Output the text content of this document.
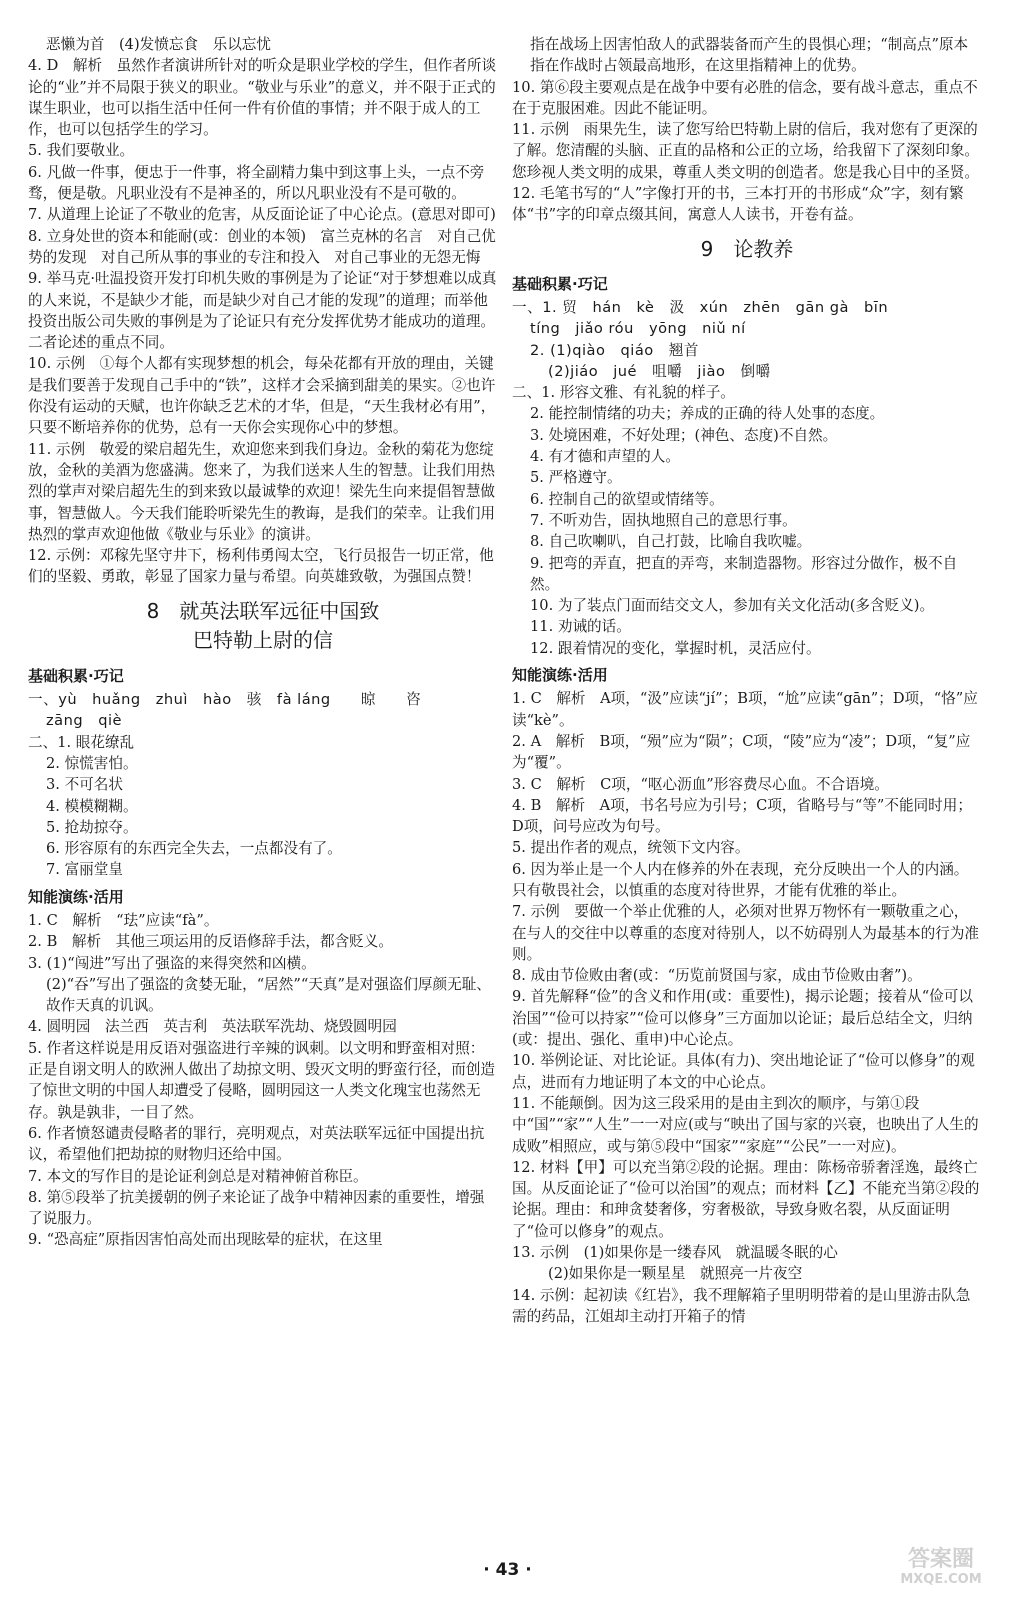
恶懒为首　(4)发愤忘食　乐以忘忧

4. D　解析　虽然作者演讲所针对的听众是职业学校的学生，但作者所谈论的“业”并不局限于狭义的职业。“敬业与乐业”的意义，并不限于正式的谋生职业，也可以指生活中任何一件有价值的事情；并不限于成人的工作，也可以包括学生的学习。

5. 我们要敬业。

6. 凡做一件事，便忠于一件事，将全副精力集中到这事上头，一点不旁骛，便是敬。凡职业没有不是神圣的，所以凡职业没有不是可敬的。

7. 从道理上论证了不敬业的危害，从反面论证了中心论点。(意思对即可)

8. 立身处世的资本和能耐(或：创业的本领)　富兰克林的名言　对自己优势的发现　对自己所从事的事业的专注和投入　对自己事业的无怨无悔

9. 举马克·吐温投资开发打印机失败的事例是为了论证“对于梦想难以成真的人来说，不是缺少才能，而是缺少对自己才能的发现”的道理；而举他投资出版公司失败的事例是为了论证只有充分发挥优势才能成功的道理。二者论述的重点不同。

10. 示例　①每个人都有实现梦想的机会，每朵花都有开放的理由，关键是我们要善于发现自己手中的“铁”，这样才会采摘到甜美的果实。②也许你没有运动的天赋，也许你缺乏艺术的才华，但是，“天生我材必有用”，只要不断培养你的优势，总有一天你会实现你心中的梦想。

11. 示例　敬爱的梁启超先生，欢迎您来到我们身边。金秋的菊花为您绽放，金秋的美酒为您盛满。您来了，为我们送来人生的智慧。让我们用热烈的掌声对梁启超先生的到来致以最诚挚的欢迎！梁先生向来提倡智慧做事，智慧做人。今天我们能聆听梁先生的教诲，是我们的荣幸。让我们用热烈的掌声欢迎他做《敬业与乐业》的演讲。

12. 示例：邓稼先坚守井下，杨利伟勇闯太空，飞行员报告一切正常，他们的坚毅、勇敢，彰显了国家力量与希望。向英雄致敬，为强国点赞！

8　就英法联军远征中国致
巴特勒上尉的信

基础积累·巧记

一、yù　huǎng　zhuì　hào　骇　fà láng　　晾　　咨

zāng　qiè

二、1. 眼花缭乱

2. 惊慌害怕。

3. 不可名状

4. 模模糊糊。

5. 抢劫掠夺。

6. 形容原有的东西完全失去，一点都没有了。

7. 富丽堂皇

知能演练·活用

1. C　解析　“珐”应读“fà”。

2. B　解析　其他三项运用的反语修辞手法，都含贬义。

3. (1)“闯进”写出了强盗的来得突然和凶横。

(2)“吞”写出了强盗的贪婪无耻，“居然”“天真”是对强盗们厚颜无耻、故作天真的讥讽。

4. 圆明园　法兰西　英吉利　英法联军洗劫、烧毁圆明园

5. 作者这样说是用反语对强盗进行辛辣的讽刺。以文明和野蛮相对照：正是自诩文明人的欧洲人做出了劫掠文明、毁灭文明的野蛮行径，而创造了惊世文明的中国人却遭受了侵略，圆明园这一人类文化瑰宝也荡然无存。孰是孰非，一目了然。

6. 作者愤怒谴责侵略者的罪行，亮明观点，对英法联军远征中国提出抗议，希望他们把劫掠的财物归还给中国。

7. 本文的写作目的是论证利剑总是对精神俯首称臣。

8. 第⑤段举了抗美援朝的例子来论证了战争中精神因素的重要性，增强了说服力。

9. “恐高症”原指因害怕高处而出现眩晕的症状，在这里

指在战场上因害怕敌人的武器装备而产生的畏惧心理；“制高点”原本指在作战时占领最高地形，在这里指精神上的优势。

10. 第⑥段主要观点是在战争中要有必胜的信念，要有战斗意志，重点不在于克服困难。因此不能证明。

11. 示例　雨果先生，读了您写给巴特勒上尉的信后，我对您有了更深的了解。您清醒的头脑、正直的品格和公正的立场，给我留下了深刻印象。您珍视人类文明的成果，尊重人类文明的创造者。您是我心目中的圣贤。

12. 毛笔书写的“人”字像打开的书，三本打开的书形成“众”字，刻有繁体“书”字的印章点缀其间，寓意人人读书，开卷有益。

9　论教养

基础积累·巧记

一、1. 贸　hán　kè　汲　xún　zhēn　gān gà　bīn

tíng　jiǎo róu　yōng　niǔ ní

2. (1)qiào　qiáo　翘首

(2)jiáo　jué　咀嚼　jiào　倒嚼

二、1. 形容文雅、有礼貌的样子。

2. 能控制情绪的功夫；养成的正确的待人处事的态度。

3. 处境困难，不好处理；(神色、态度)不自然。

4. 有才德和声望的人。

5. 严格遵守。

6. 控制自己的欲望或情绪等。

7. 不听劝告，固执地照自己的意思行事。

8. 自己吹喇叭，自己打鼓，比喻自我吹嘘。

9. 把弯的弄直，把直的弄弯，来制造器物。形容过分做作，极不自然。

10. 为了装点门面而结交文人，参加有关文化活动(多含贬义)。

11. 劝诫的话。

12. 跟着情况的变化，掌握时机，灵活应付。

知能演练·活用

1. C　解析　A项，“汲”应读“jí”；B项，“尬”应读“gān”；D项，“恪”应读“kè”。

2. A　解析　B项，“殒”应为“陨”；C项，“陵”应为“凌”；D项，“复”应为“覆”。

3. C　解析　C项，“呕心沥血”形容费尽心血。不合语境。

4. B　解析　A项，书名号应为引号；C项，省略号与“等”不能同时用；D项，问号应改为句号。

5. 提出作者的观点，统领下文内容。

6. 因为举止是一个人内在修养的外在表现，充分反映出一个人的内涵。只有敬畏社会，以慎重的态度对待世界，才能有优雅的举止。

7. 示例　要做一个举止优雅的人，必须对世界万物怀有一颗敬重之心，在与人的交往中以尊重的态度对待别人，以不妨碍别人为最基本的行为准则。

8. 成由节俭败由奢(或：“历览前贤国与家，成由节俭败由奢”)。

9. 首先解释“俭”的含义和作用(或：重要性)，揭示论题；接着从“俭可以治国”“俭可以持家”“俭可以修身”三方面加以论证；最后总结全文，归纳(或：提出、强化、重申)中心论点。

10. 举例论证、对比论证。具体(有力)、突出地论证了“俭可以修身”的观点，进而有力地证明了本文的中心论点。

11. 不能颠倒。因为这三段采用的是由主到次的顺序，与第①段中“国”“家”“人生”一一对应(或与“映出了国与家的兴衰，也映出了人生的成败”相照应，或与第⑤段中“国家”“家庭”“公民”一一对应)。

12. 材料【甲】可以充当第②段的论据。理由：陈杨帝骄奢淫逸，最终亡国。从反面论证了“俭可以治国”的观点；而材料【乙】不能充当第②段的论据。理由：和珅贪婪奢侈，穷奢极欲，导致身败名裂，从反面证明了“俭可以修身”的观点。

13. 示例　(1)如果你是一缕春风　就温暖冬眠的心

(2)如果你是一颗星星　就照亮一片夜空

14. 示例：起初读《红岩》，我不理解箱子里明明带着的是山里游击队急需的药品，江姐却主动打开箱子的情

· 43 ·	答案圈
MXQE.COM
